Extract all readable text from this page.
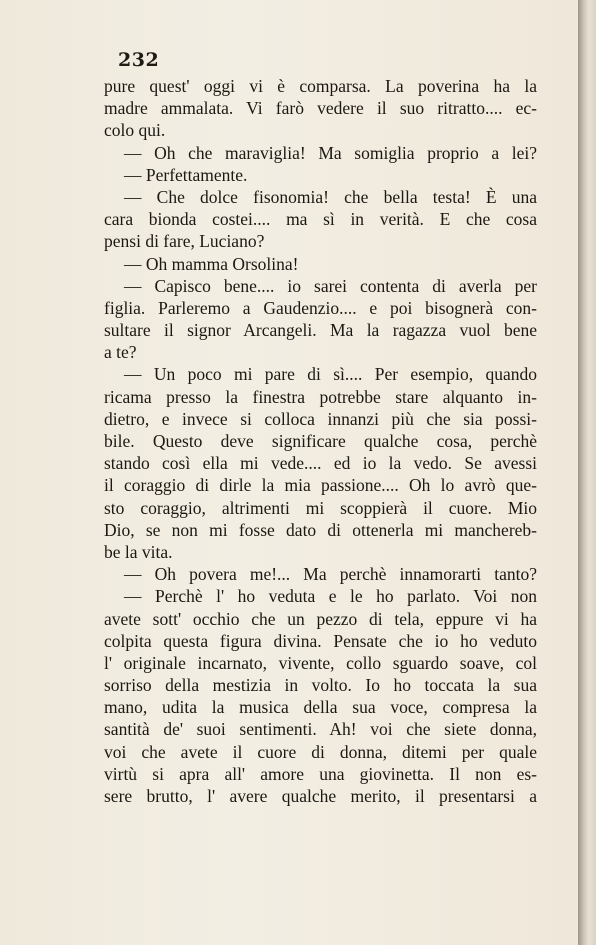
232
pure quest' oggi vi è comparsa. La poverina ha la
madre ammalata. Vi farò vedere il suo ritratto.... ec-
colo qui.
— Oh che maraviglia! Ma somiglia proprio a lei?
— Perfettamente.
— Che dolce fisonomia! che bella testa! È una
cara bionda costei.... ma sì in verità. E che cosa
pensi di fare, Luciano?
— Oh mamma Orsolina!
— Capisco bene.... io sarei contenta di averla per
figlia. Parleremo a Gaudenzio.... e poi bisognerà con-
sultare il signor Arcangeli. Ma la ragazza vuol bene
a te?
— Un poco mi pare di sì.... Per esempio, quando
ricama presso la finestra potrebbe stare alquanto in-
dietro, e invece si colloca innanzi più che sia possi-
bile. Questo deve significare qualche cosa, perchè
stando così ella mi vede.... ed io la vedo. Se avessi
il coraggio di dirle la mia passione.... Oh lo avrò que-
sto coraggio, altrimenti mi scoppierà il cuore. Mio
Dio, se non mi fosse dato di ottenerla mi manchereb-
be la vita.
— Oh povera me!... Ma perchè innamorarti tanto?
— Perchè l' ho veduta e le ho parlato. Voi non
avete sott' occhio che un pezzo di tela, eppure vi ha
colpita questa figura divina. Pensate che io ho veduto
l' originale incarnato, vivente, collo sguardo soave, col
sorriso della mestizia in volto. Io ho toccata la sua
mano, udita la musica della sua voce, compresa la
santità de' suoi sentimenti. Ah! voi che siete donna,
voi che avete il cuore di donna, ditemi per quale
virtù si apra all' amore una giovinetta. Il non es-
sere brutto, l' avere qualche merito, il presentarsi a
